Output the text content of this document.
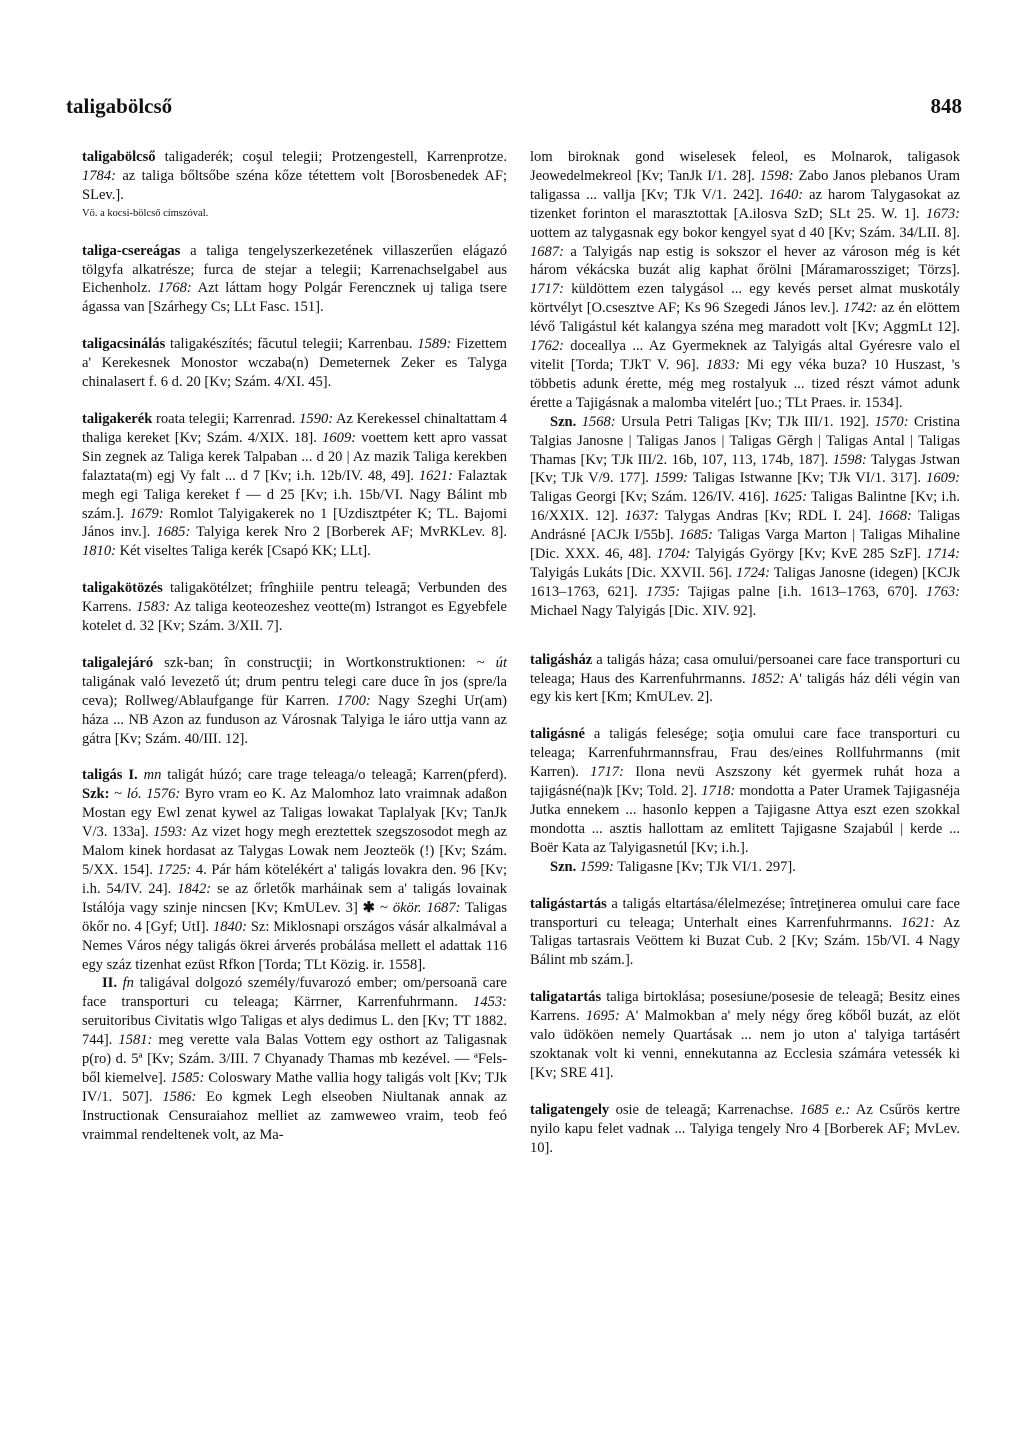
taligabölcső	848

taligabölcső taligaderék; coşul telegii; Protzengestell, Karrenprotze. 1784: az taliga bőltsőbe széna kőze tétettem volt [Borosbenedek AF; SLev.].

Vö. a kocsi-bölcső címszóval.

taliga-csereágas a taliga tengelyszerkezetének villaszerűen elágazó tölgyfa alkatrésze; furca de stejar a telegii; Karrenachselgabel aus Eichenholz. 1768: Azt láttam hogy Polgár Ferencznek uj taliga tsere ágassa van [Szárhegy Cs; LLt Fasc. 151].

taligacsinálás taligakészítés; făcutul telegii; Karrenbau. 1589: Fizettem a' Kerekesnek Monostor wczaba(n) Demeternek Zeker es Talyga chinalasert f. 6 d. 20 [Kv; Szám. 4/XI. 45].

taligakerék roata telegii; Karrenrad. 1590: Az Kerekessel chinaltattam 4 thaliga kereket [Kv; Szám. 4/XIX. 18]. 1609: voettem kett apro vassat Sin zegnek az Taliga kerek Talpaban ... d 20 | Az mazik Taliga kerekben falaztata(m) egj Vy falt ... d 7 [Kv; i.h. 12b/IV. 48, 49]. 1621: Falaztak megh egi Taliga kereket f — d 25 [Kv; i.h. 15b/VI. Nagy Bálint mb szám.]. 1679: Romlot Talyigakerek no 1 [Uzdisztpéter K; TL. Bajomi János inv.]. 1685: Talyiga kerek Nro 2 [Borberek AF; MvRKLev. 8]. 1810: Két viseltes Taliga kerék [Csapó KK; LLt].

taligakötözés taligakötélzet; frînghiile pentru teleagă; Verbunden des Karrens. 1583: Az taliga keoteozeshez veotte(m) Istrangot es Egyebfele kotelet d. 32 [Kv; Szám. 3/XII. 7].

taligalejáró szk-ban; în construcţii; in Wortkonstruktionen: ~ út taligának való levezető út; drum pentru telegi care duce în jos (spre/la ceva); Rollweg/Ablaufgange für Karren. 1700: Nagy Szeghi Ur(am) háza ... NB Azon az funduson az Városnak Talyiga le iáro uttja vann az gátra [Kv; Szám. 40/III. 12].

taligás I. mn taligát húzó; care trage teleaga/o teleagă; Karren(pferd). Szk: ~ ló. 1576: Byro vram eo K. Az Malomhoz lato vraimnak adaßon Mostan egy Ewl zenat kywel az Taligas lowakat Taplalyak [Kv; TanJk V/3. 133a]. 1593: Az vizet hogy megh ereztettek szegszosodot megh az Malom kinek hordasat az Talygas Lowak nem Jeozteök (!) [Kv; Szám. 5/XX. 154]. 1725: 4. Pár hám kötelékért a' taligás lovakra den. 96 [Kv; i.h. 54/IV. 24]. 1842: se az őrletők marháinak sem a' taligás lovainak Istálója vagy szinje nincsen [Kv; KmULev. 3] ✱ ~ ökör. 1687: Taligas ökőr no. 4 [Gyf; UtI]. 1840: Sz: Miklosnapi országos vásár alkalmával a Nemes Város négy taligás ökrei árverés probálása mellett el adattak 116 egy száz tizenhat ezüst Rfkon [Torda; TLt Közig. ir. 1558].

II. fn taligával dolgozó személy/fuvarozó ember; om/persoană care face transporturi cu teleaga; Kärrner, Karrenfuhrmann. 1453: seruitoribus Civitatis wlgo Taligas et alys dedimus L. den [Kv; TT 1882. 744]. 1581: meg verette vala Balas Vottem egy osthort az Taligasnak p(ro) d. 5ª [Kv; Szám. 3/III. 7 Chyanady Thamas mb kezével. — ªFels-ből kiemelve]. 1585: Coloswary Mathe vallia hogy taligás volt [Kv; TJk IV/1. 507]. 1586: Eo kgmek Legh elseoben Niultanak annak az Instructionak Censuraiahoz melliet az zamweweo vraim, teob feó vraimmal rendeltenek volt, az Ma-

lom biroknak gond wiselesek feleol, es Molnarok, taligasok Jeowedelmekreol [Kv; TanJk I/1. 28]. 1598: Zabo Janos plebanos Uram taligassa ... vallja [Kv; TJk V/1. 242]. 1640: az harom Talygasokat az tizenket forinton el marasztottak [A.ilosva SzD; SLt 25. W. 1]. 1673: uottem az talygasnak egy bokor kengyel syat d 40 [Kv; Szám. 34/LII. 8]. 1687: a Talyigás nap estig is sokszor el hever az városon még is két három vékácska buzát alig kaphat őrölni [Máramarossziget; Törzs]. 1717: küldöttem ezen talygásol ... egy kevés perset almat muskotály körtvélyt [O.csesztve AF; Ks 96 Szegedi János lev.]. 1742: az én elöttem lévő Taligástul két kalangya széna meg maradott volt [Kv; AggmLt 12]. 1762: doceallya ... Az Gyermeknek az Talyigás altal Gyéresre valo el vitelit [Torda; TJkT V. 96]. 1833: Mi egy véka buza? 10 Huszast, 's többetis adunk érette, még meg rostalyuk ... tized részt vámot adunk érette a Tajigásnak a malomba vitelért [uo.; TLt Praes. ir. 1534].

Szn. 1568: Ursula Petri Taligas [Kv; TJk III/1. 192]. 1570: Cristina Talgias Janosne | Taligas Janos | Taligas Gĕrgh | Taligas Antal | Taligas Thamas [Kv; TJk III/2. 16b, 107, 113, 174b, 187]. 1598: Talygas Jstwan [Kv; TJk V/9. 177]. 1599: Taligas Istwanne [Kv; TJk VI/1. 317]. 1609: Taligas Georgi [Kv; Szám. 126/IV. 416]. 1625: Taligas Balintne [Kv; i.h. 16/XXIX. 12]. 1637: Talygas Andras [Kv; RDL I. 24]. 1668: Taligas Andrásné [ACJk I/55b]. 1685: Taligas Varga Marton | Taligas Mihaline [Dic. XXX. 46, 48]. 1704: Talyigás György [Kv; KvE 285 SzF]. 1714: Talyigás Lukáts [Dic. XXVII. 56]. 1724: Taligas Janosne (idegen) [KCJk 1613–1763, 621]. 1735: Tajigas palne [i.h. 1613–1763, 670]. 1763: Michael Nagy Talyigás [Dic. XIV. 92].

taligásház a taligás háza; casa omului/persoanei care face transporturi cu teleaga; Haus des Karrenfuhrmanns. 1852: A' taligás ház déli végin van egy kis kert [Km; KmULev. 2].

taligásné a taligás felesége; soţia omului care face transporturi cu teleaga; Karrenfuhrmannsfrau, Frau des/eines Rollfuhrmanns (mit Karren). 1717: Ilona nevü Aszszony két gyermek ruhát hoza a tajigásné(na)k [Kv; Told. 2]. 1718: mondotta a Pater Uramek Tajigasnéja Jutka ennekem ... hasonlo keppen a Tajigasne Attya eszt ezen szokkal mondotta ... asztis hallottam az emlitett Tajigasne Szajabúl | kerde ... Boër Kata az Talyigasnetúl [Kv; i.h.].

Szn. 1599: Taligasne [Kv; TJk VI/1. 297].

taligástartás a taligás eltartása/élelmezése; întreţinerea omului care face transporturi cu teleaga; Unterhalt eines Karrenfuhrmanns. 1621: Az Taligas tartasrais Veöttem ki Buzat Cub. 2 [Kv; Szám. 15b/VI. 4 Nagy Bálint mb szám.].

taligatartás taliga birtoklása; posesiune/posesie de teleagă; Besitz eines Karrens. 1695: A' Malmokban a' mely négy őreg kőből buzát, az elöt valo üdököen nemely Quartásak ... nem jo uton a' talyiga tartásért szoktanak volt ki venni, ennekutanna az Ecclesia számára vetessék ki [Kv; SRE 41].

taligatengely osie de teleagă; Karrenachse. 1685 e.: Az Csűrös kertre nyilo kapu felet vadnak ... Talyiga tengely Nro 4 [Borberek AF; MvLev. 10].
